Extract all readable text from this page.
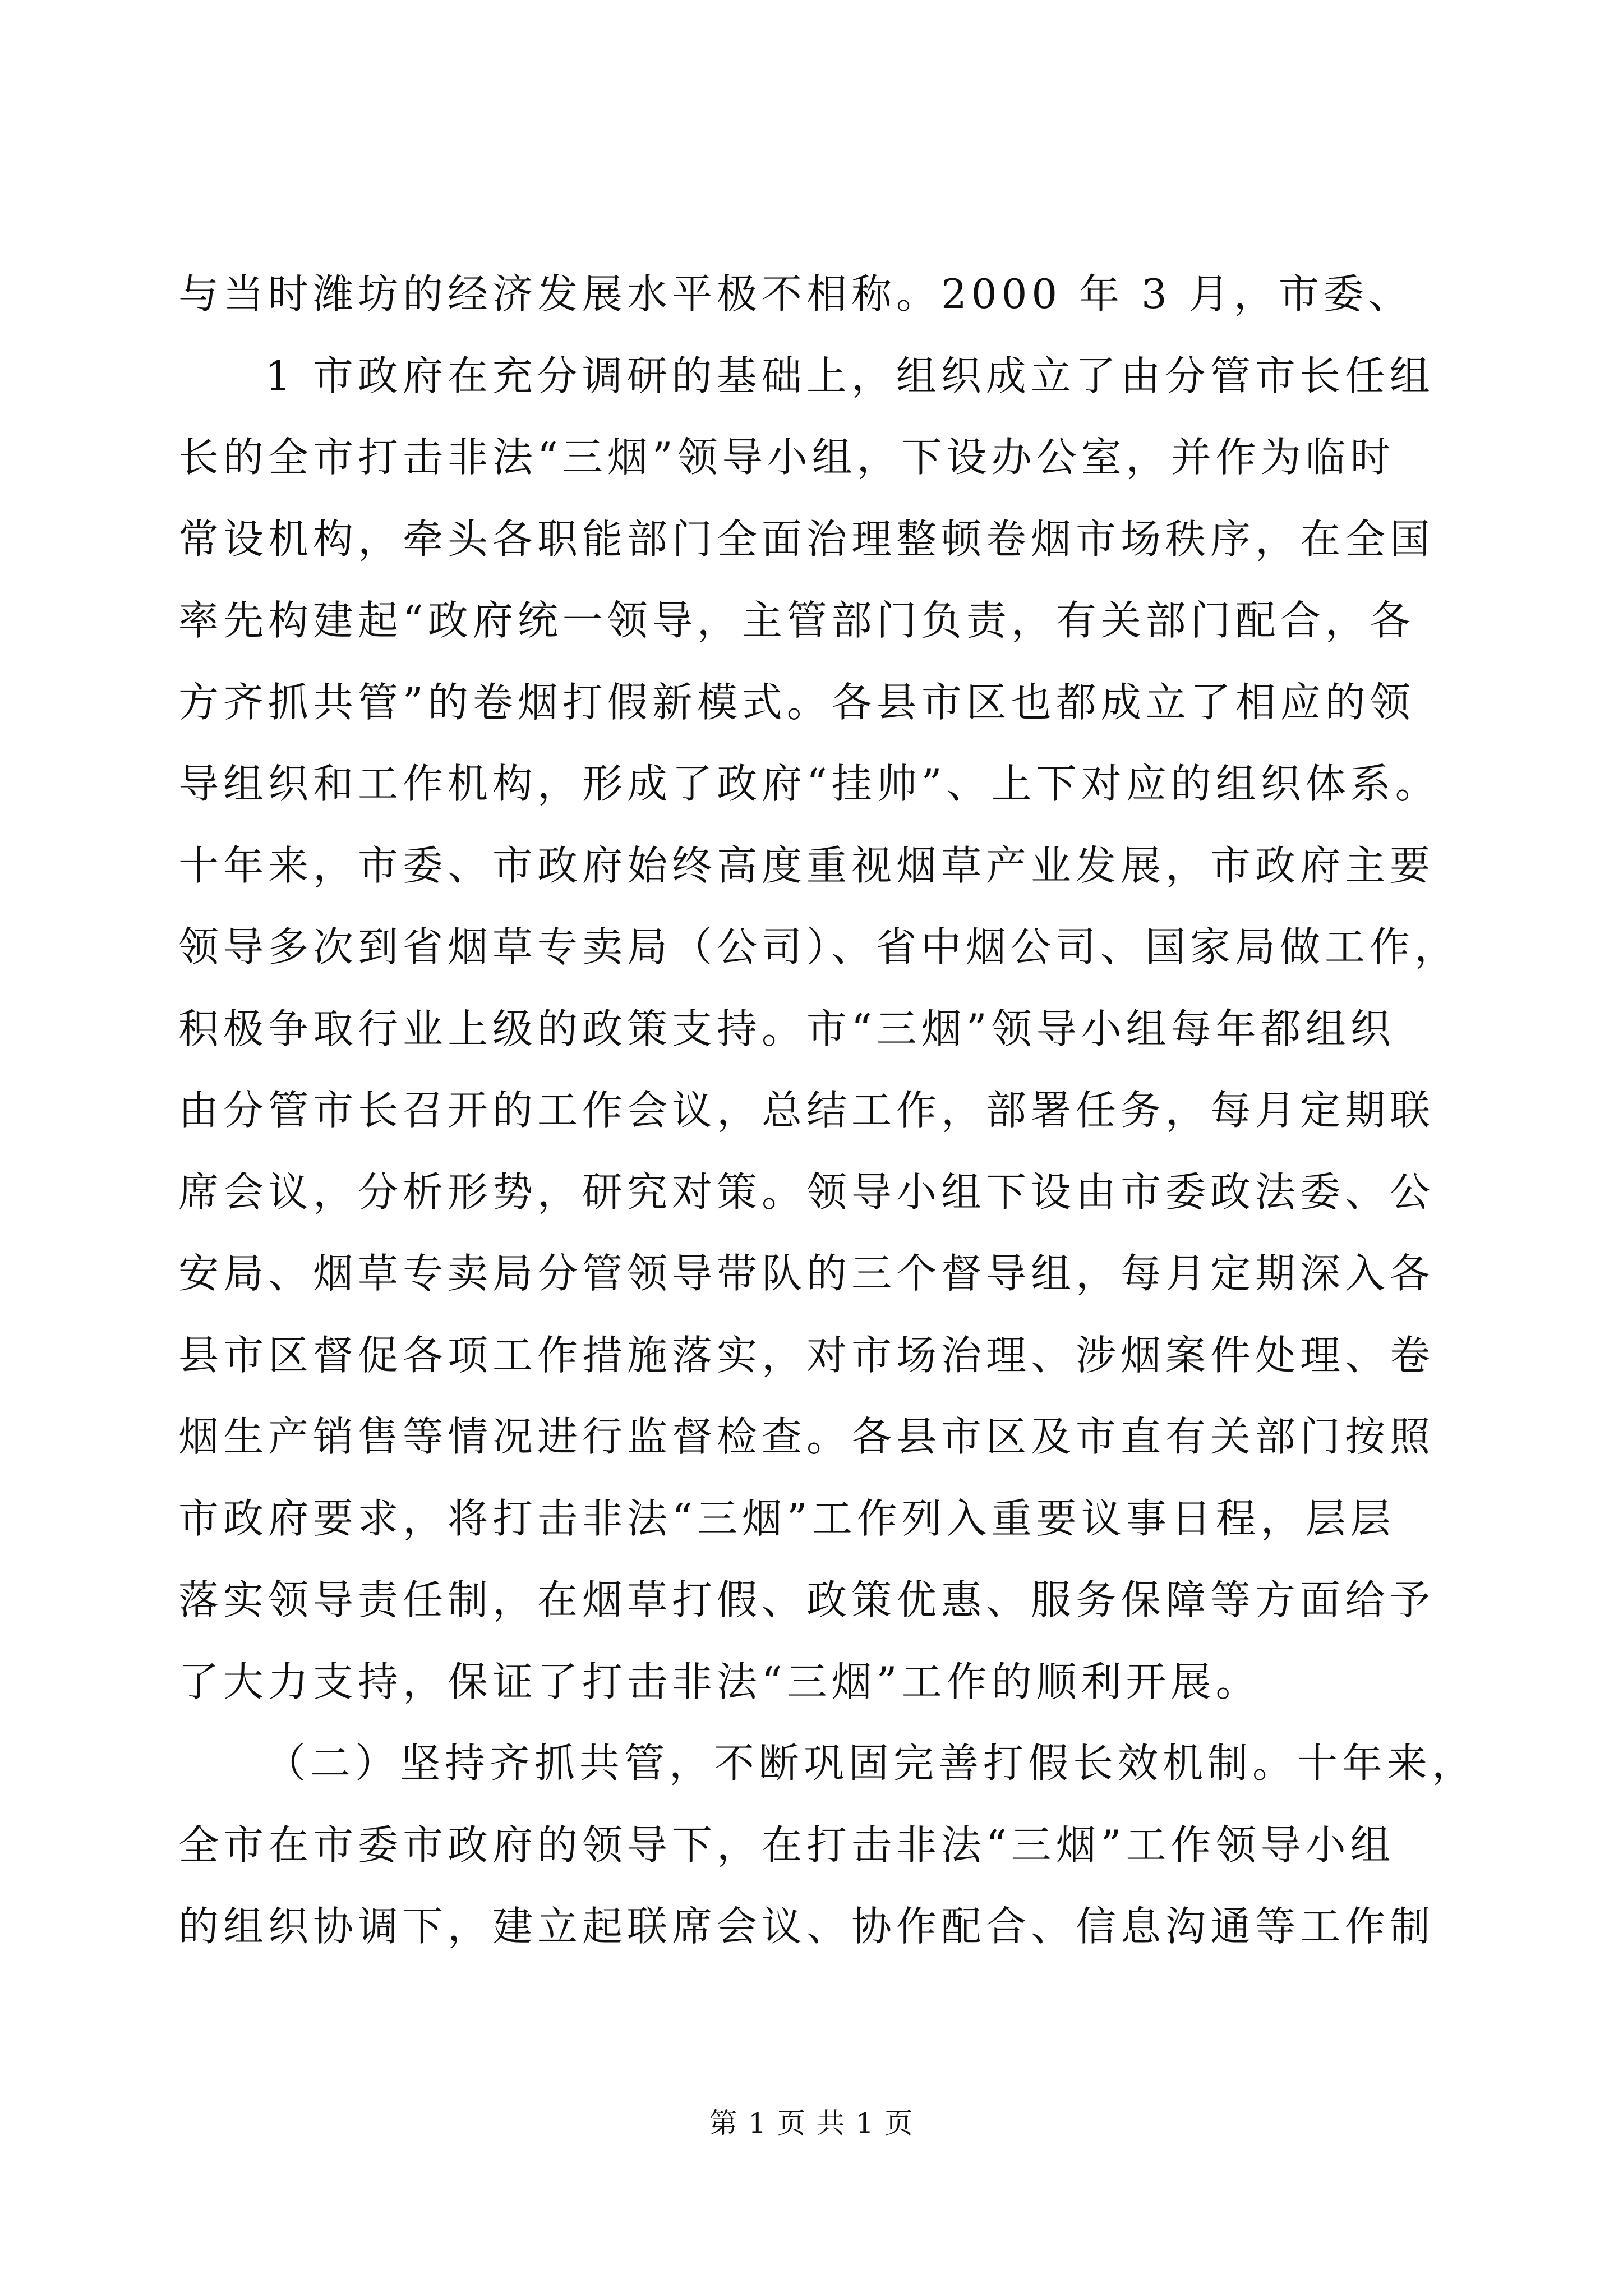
与当时潍坊的经济发展水平极不相称。2000 年 3 月，市委、
1 市政府在充分调研的基础上，组织成立了由分管市长任组
长的全市打击非法“三烟”领导小组，下设办公室，并作为临时
常设机构，牵头各职能部门全面治理整顿卷烟市场秩序，在全国
率先构建起“政府统一领导，主管部门负责，有关部门配合，各
方齐抓共管”的卷烟打假新模式。各县市区也都成立了相应的领
导组织和工作机构，形成了政府“挂帅”、上下对应的组织体系。
十年来，市委、市政府始终高度重视烟草产业发展，市政府主要
领导多次到省烟草专卖局（公司）、省中烟公司、国家局做工作，
积极争取行业上级的政策支持。市“三烟”领导小组每年都组织
由分管市长召开的工作会议，总结工作，部署任务，每月定期联
席会议，分析形势，研究对策。领导小组下设由市委政法委、公
安局、烟草专卖局分管领导带队的三个督导组，每月定期深入各
县市区督促各项工作措施落实，对市场治理、涉烟案件处理、卷
烟生产销售等情况进行监督检查。各县市区及市直有关部门按照
市政府要求，将打击非法“三烟”工作列入重要议事日程，层层
落实领导责任制，在烟草打假、政策优惠、服务保障等方面给予
了大力支持，保证了打击非法“三烟”工作的顺利开展。
（二）坚持齐抓共管，不断巩固完善打假长效机制。十年来，
全市在市委市政府的领导下，在打击非法“三烟”工作领导小组
的组织协调下，建立起联席会议、协作配合、信息沟通等工作制
第 1 页 共 1 页
